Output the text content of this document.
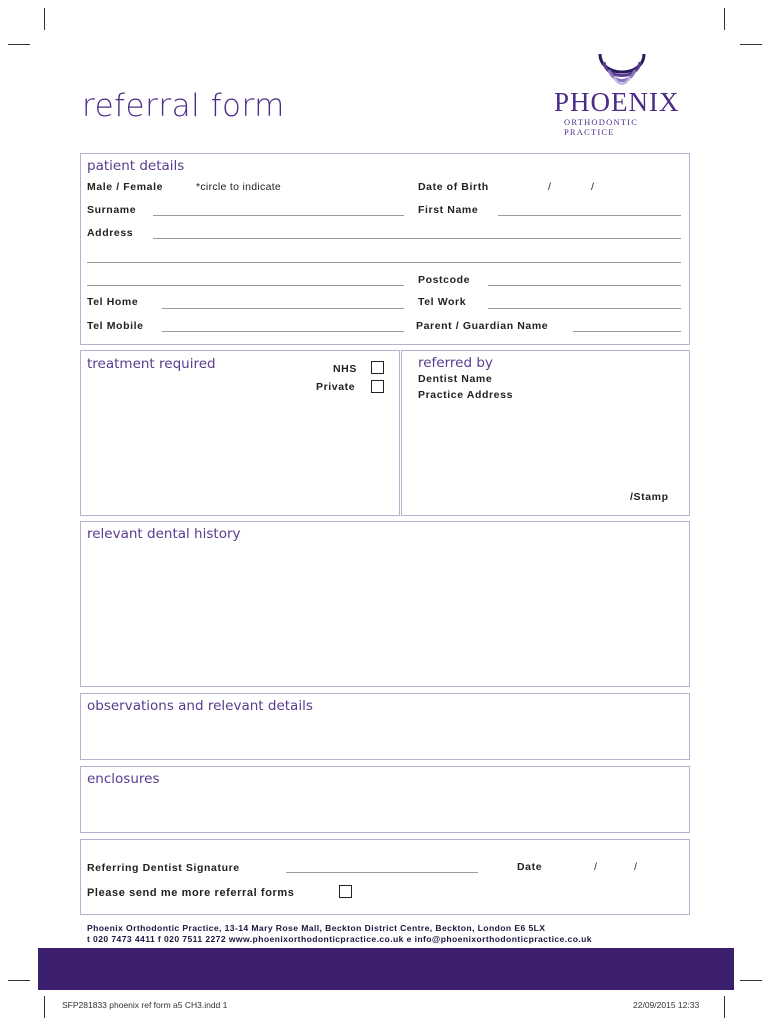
referral form	PHOENIX
ORTHODONTIC PRACTICE
patient details
Male / Female	*circle to indicate	Date of Birth	/	/
Surname	First Name
Address
Postcode
Tel Home	Tel Work
Tel Mobile	Parent / Guardian Name
treatment required	NHS
Private
referred by
Dentist Name
Practice Address
/Stamp
relevant dental history
observations and relevant details
enclosures
Referring Dentist Signature	Date	/	/
Please send me more referral forms
Phoenix Orthodontic Practice, 13-14 Mary Rose Mall, Beckton District Centre, Beckton, London E6 5LX
t 020 7473 4411 f 020 7511 2272 www.phoenixorthodonticpractice.co.uk e info@phoenixorthodonticpractice.co.uk
SFP281833 phoenix ref form a5 CH3.indd 1	22/09/2015 12:33
